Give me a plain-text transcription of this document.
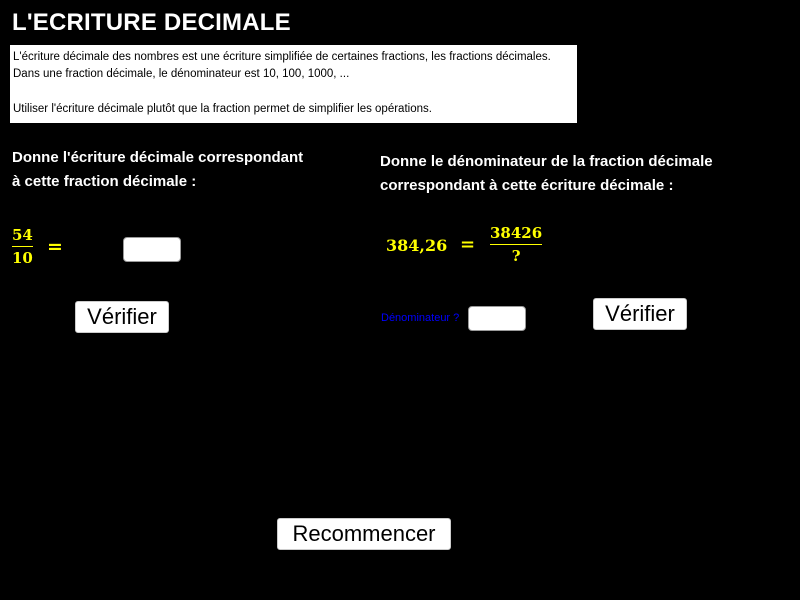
L'ECRITURE DECIMALE

L'écriture décimale des nombres est une écriture simplifiée de certaines fractions, les fractions décimales.

Dans une fraction décimale, le dénominateur est 10, 100, 1000, ...

Utiliser l'écriture décimale plutôt que la fraction permet de simplifier les opérations.

Donne l'écriture décimale correspondant
à cette fraction décimale :
54
10 =
Vérifier
Donne le dénominateur de la fraction décimale
correspondant à cette écriture décimale :
384,26 =
38426
?
Dénominateur ?	Vérifier
Recommencer
